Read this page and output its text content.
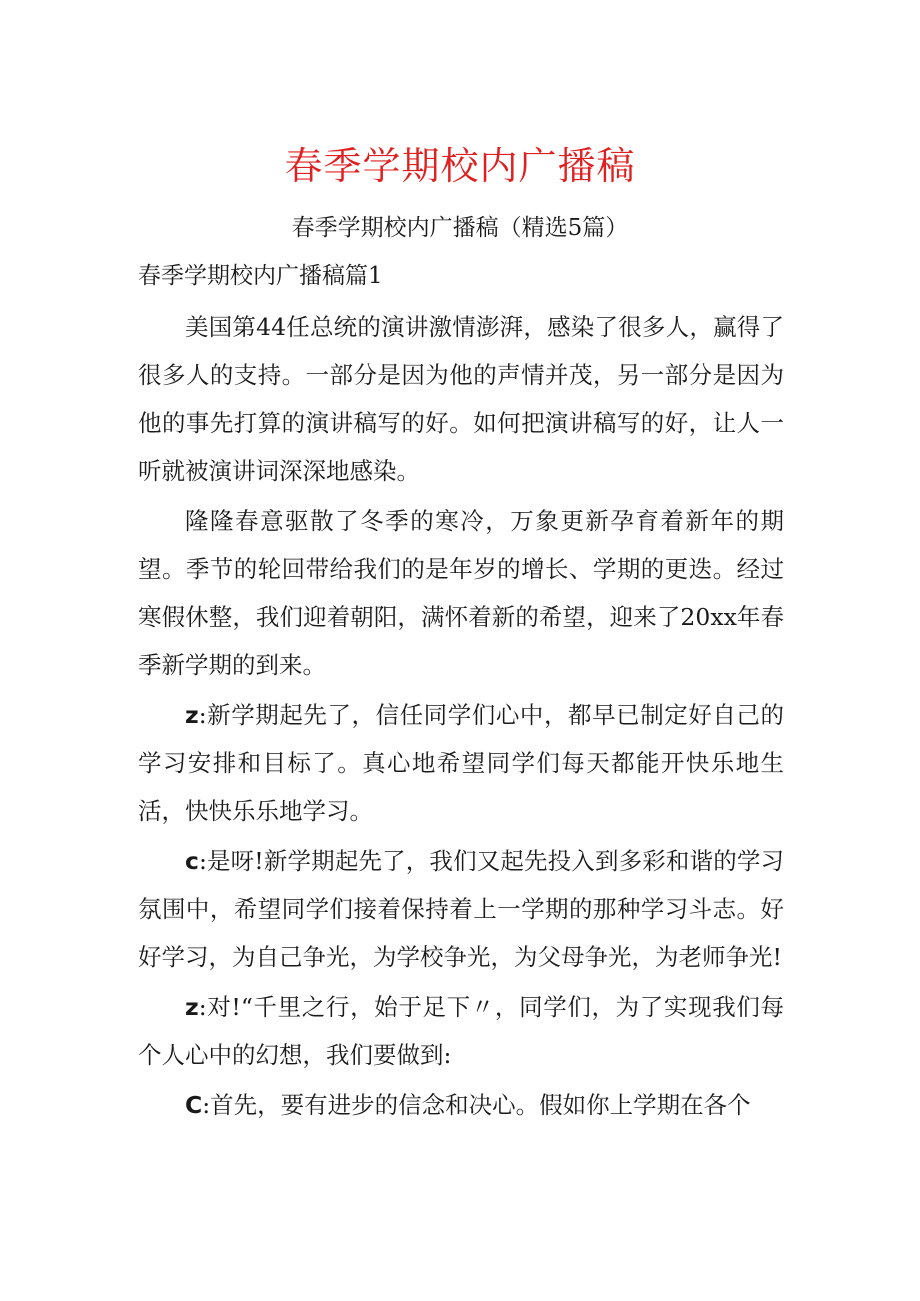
春季学期校内广播稿
春季学期校内广播稿（精选5篇）
春季学期校内广播稿篇1

美国第44任总统的演讲激情澎湃，感染了很多人，赢得了很多人的支持。一部分是因为他的声情并茂，另一部分是因为他的事先打算的演讲稿写的好。如何把演讲稿写的好，让人一听就被演讲词深深地感染。

隆隆春意驱散了冬季的寒冷，万象更新孕育着新年的期望。季节的轮回带给我们的是年岁的增长、学期的更迭。经过寒假休整，我们迎着朝阳，满怀着新的希望，迎来了20xx年春季新学期的到来。

z:新学期起先了，信任同学们心中，都早已制定好自己的学习安排和目标了。真心地希望同学们每天都能开快乐地生活，快快乐乐地学习。

c:是呀!新学期起先了，我们又起先投入到多彩和谐的学习氛围中，希望同学们接着保持着上一学期的那种学习斗志。好好学习，为自己争光，为学校争光，为父母争光，为老师争光!

z:对!“千里之行，始于足下〃，同学们，为了实现我们每个人心中的幻想，我们要做到:

C:首先，要有进步的信念和决心。假如你上学期在各个
